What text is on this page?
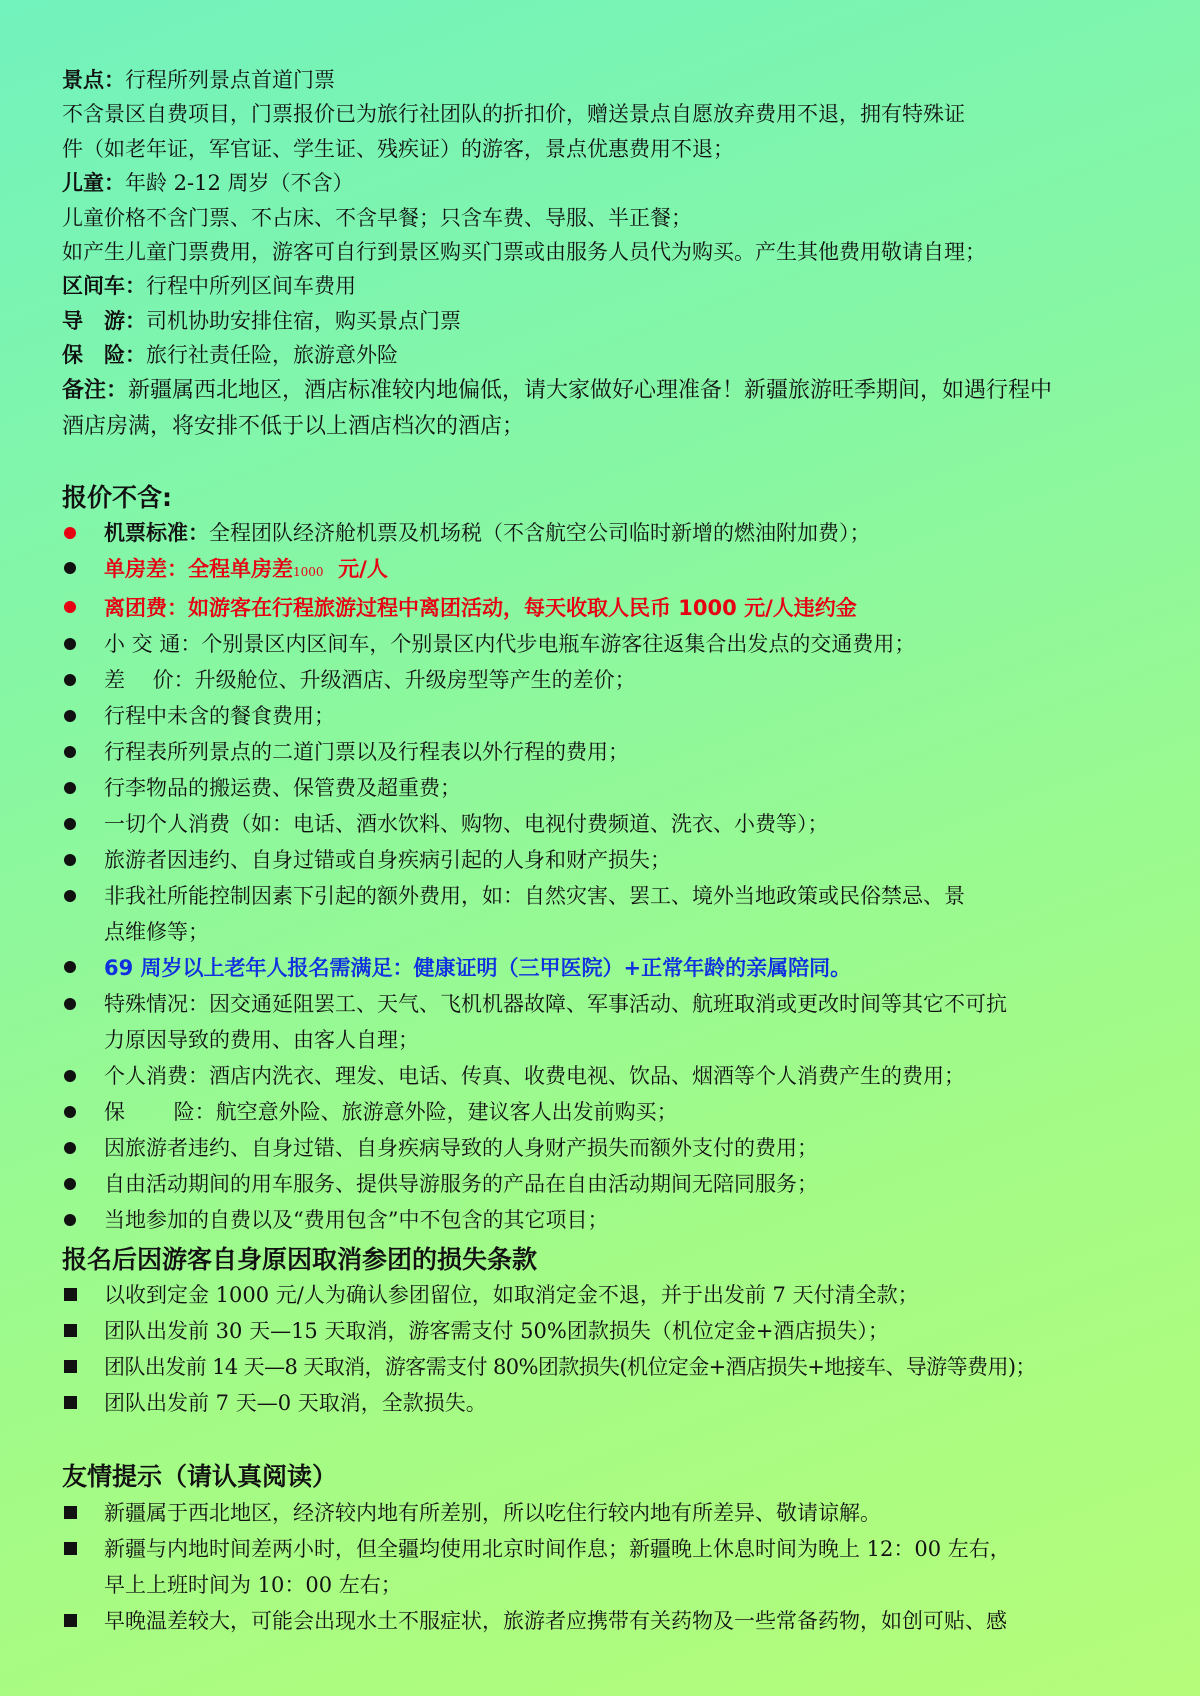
景点：行程所列景点首道门票
不含景区自费项目，门票报价已为旅行社团队的折扣价，赠送景点自愿放弃费用不退，拥有特殊证
件（如老年证，军官证、学生证、残疾证）的游客，景点优惠费用不退；
儿童：年龄 2-12 周岁（不含）
儿童价格不含门票、不占床、不含早餐；只含车费、导服、半正餐；
如产生儿童门票费用，游客可自行到景区购买门票或由服务人员代为购买。产生其他费用敬请自理；
区间车：行程中所列区间车费用
导　游：司机协助安排住宿，购买景点门票
保　险：旅行社责任险，旅游意外险
备注：新疆属西北地区，酒店标准较内地偏低，请大家做好心理准备！新疆旅游旺季期间，如遇行程中
酒店房满，将安排不低于以上酒店档次的酒店；
报价不含:
机票标准：全程团队经济舱机票及机场税（不含航空公司临时新增的燃油附加费）；
单房差：全程单房差1000 元/人
离团费：如游客在行程旅游过程中离团活动，每天收取人民币 1000 元/人违约金
小 交 通：个别景区内区间车，个别景区内代步电瓶车游客往返集合出发点的交通费用；
差　 价：升级舱位、升级酒店、升级房型等产生的差价；
行程中未含的餐食费用；
行程表所列景点的二道门票以及行程表以外行程的费用；
行李物品的搬运费、保管费及超重费；
一切个人消费（如：电话、酒水饮料、购物、电视付费频道、洗衣、小费等）；
旅游者因违约、自身过错或自身疾病引起的人身和财产损失；
非我社所能控制因素下引起的额外费用，如：自然灾害、罢工、境外当地政策或民俗禁忌、景
点维修等；
69 周岁以上老年人报名需满足：健康证明（三甲医院）+正常年龄的亲属陪同。
特殊情况：因交通延阻罢工、天气、飞机机器故障、军事活动、航班取消或更改时间等其它不可抗
力原因导致的费用、由客人自理；
个人消费：酒店内洗衣、理发、电话、传真、收费电视、饮品、烟酒等个人消费产生的费用；
保　　 险：航空意外险、旅游意外险，建议客人出发前购买；
因旅游者违约、自身过错、自身疾病导致的人身财产损失而额外支付的费用；
自由活动期间的用车服务、提供导游服务的产品在自由活动期间无陪同服务；
当地参加的自费以及“费用包含”中不包含的其它项目；
报名后因游客自身原因取消参团的损失条款
以收到定金 1000 元/人为确认参团留位，如取消定金不退，并于出发前 7 天付清全款；
团队出发前 30 天—15 天取消，游客需支付 50%团款损失（机位定金+酒店损失）；
团队出发前 14 天—8 天取消，游客需支付 80%团款损失(机位定金+酒店损失+地接车、导游等费用)；
团队出发前 7 天—0 天取消，全款损失。
友情提示（请认真阅读）
新疆属于西北地区，经济较内地有所差别，所以吃住行较内地有所差异、敬请谅解。
新疆与内地时间差两小时，但全疆均使用北京时间作息；新疆晚上休息时间为晚上 12：00 左右，
早上上班时间为 10：00 左右；
早晚温差较大，可能会出现水土不服症状，旅游者应携带有关药物及一些常备药物，如创可贴、感
